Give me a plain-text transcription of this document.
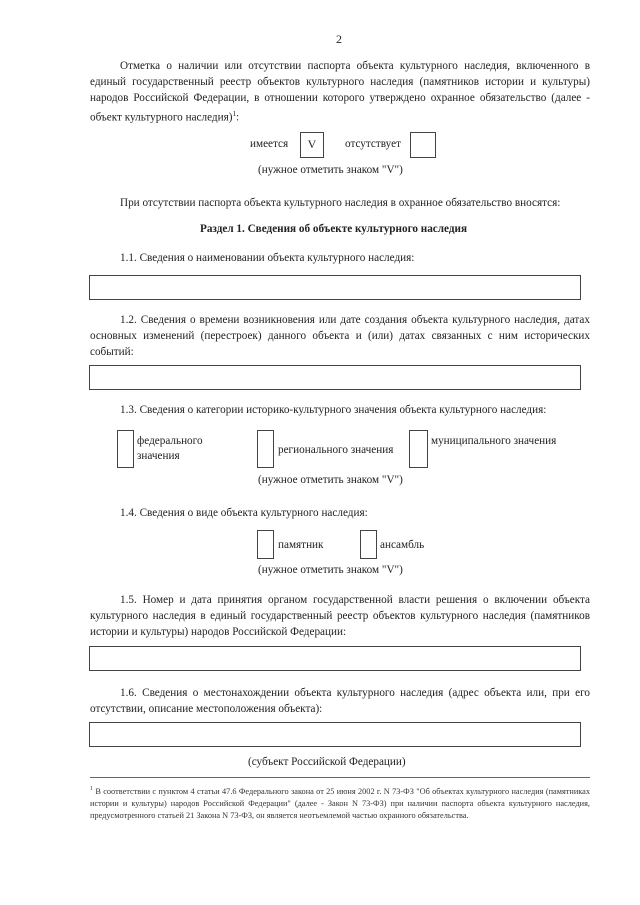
2
Отметка о наличии или отсутствии паспорта объекта культурного наследия, включенного в единый государственный реестр объектов культурного наследия (памятников истории и культуры) народов Российской Федерации, в отношении которого утверждено охранное обязательство (далее - объект культурного наследия)$^1$:
имеется	V	отсутствует
(нужное отметить знаком "V")
При отсутствии паспорта объекта культурного наследия в охранное обязательство вносятся:
Раздел 1. Сведения об объекте культурного наследия
1.1. Сведения о наименовании объекта культурного наследия:
1.2. Сведения о времени возникновения или дате создания объекта культурного наследия, датах основных изменений (перестроек) данного объекта и (или) датах связанных с ним исторических событий:
1.3. Сведения о категории историко-культурного значения объекта культурного наследия:
федерального значения	регионального значения
муниципального значения
(нужное отметить знаком "V")
1.4. Сведения о виде объекта культурного наследия:
памятник	ансамбль
(нужное отметить знаком "V")
1.5. Номер и дата принятия органом государственной власти решения о включении объекта культурного наследия в единый государственный реестр объектов культурного наследия (памятников истории и культуры) народов Российской Федерации:
1.6. Сведения о местонахождении объекта культурного наследия (адрес объекта или, при его отсутствии, описание местоположения объекта):
(субъект Российской Федерации)
$^1$ В соответствии с пунктом 4 статьи 47.6 Федерального закона от 25 июня 2002 г. N 73-ФЗ "Об объектах культурного наследия (памятниках истории и культуры) народов Российской Федерации" (далее - Закон N 73-ФЗ) при наличии паспорта объекта культурного наследия, предусмотренного статьей 21 Закона N 73-ФЗ, он является неотъемлемой частью охранного обязательства.
